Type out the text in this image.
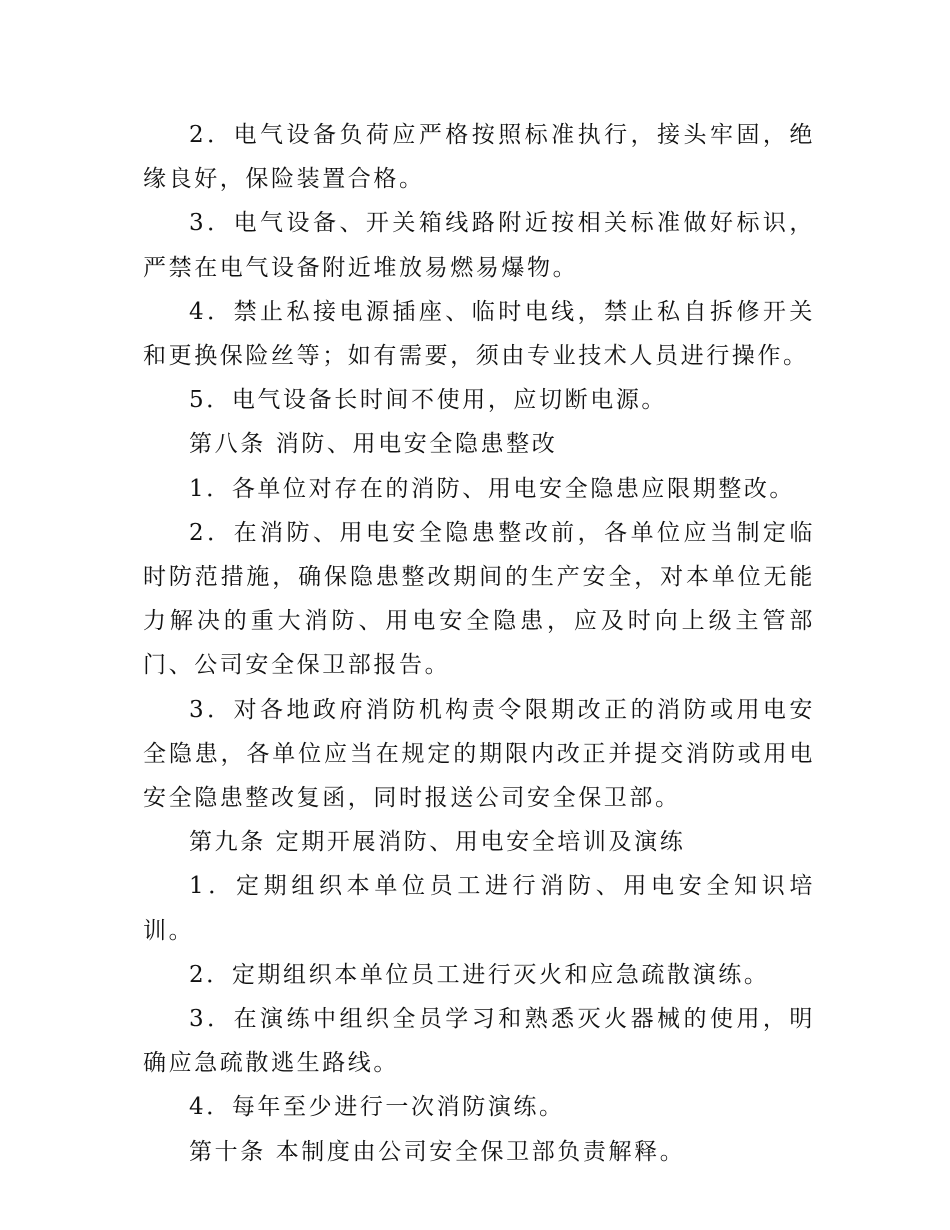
2．电气设备负荷应严格按照标准执行，接头牢固，绝缘良好，保险装置合格。

3．电气设备、开关箱线路附近按相关标准做好标识，严禁在电气设备附近堆放易燃易爆物。

4．禁止私接电源插座、临时电线，禁止私自拆修开关和更换保险丝等；如有需要，须由专业技术人员进行操作。

5．电气设备长时间不使用，应切断电源。

第八条 消防、用电安全隐患整改

1．各单位对存在的消防、用电安全隐患应限期整改。

2．在消防、用电安全隐患整改前，各单位应当制定临时防范措施，确保隐患整改期间的生产安全，对本单位无能力解决的重大消防、用电安全隐患，应及时向上级主管部门、公司安全保卫部报告。

3．对各地政府消防机构责令限期改正的消防或用电安全隐患，各单位应当在规定的期限内改正并提交消防或用电安全隐患整改复函，同时报送公司安全保卫部。

第九条 定期开展消防、用电安全培训及演练

1．定期组织本单位员工进行消防、用电安全知识培训。

2．定期组织本单位员工进行灭火和应急疏散演练。

3．在演练中组织全员学习和熟悉灭火器械的使用，明确应急疏散逃生路线。

4．每年至少进行一次消防演练。

第十条 本制度由公司安全保卫部负责解释。
